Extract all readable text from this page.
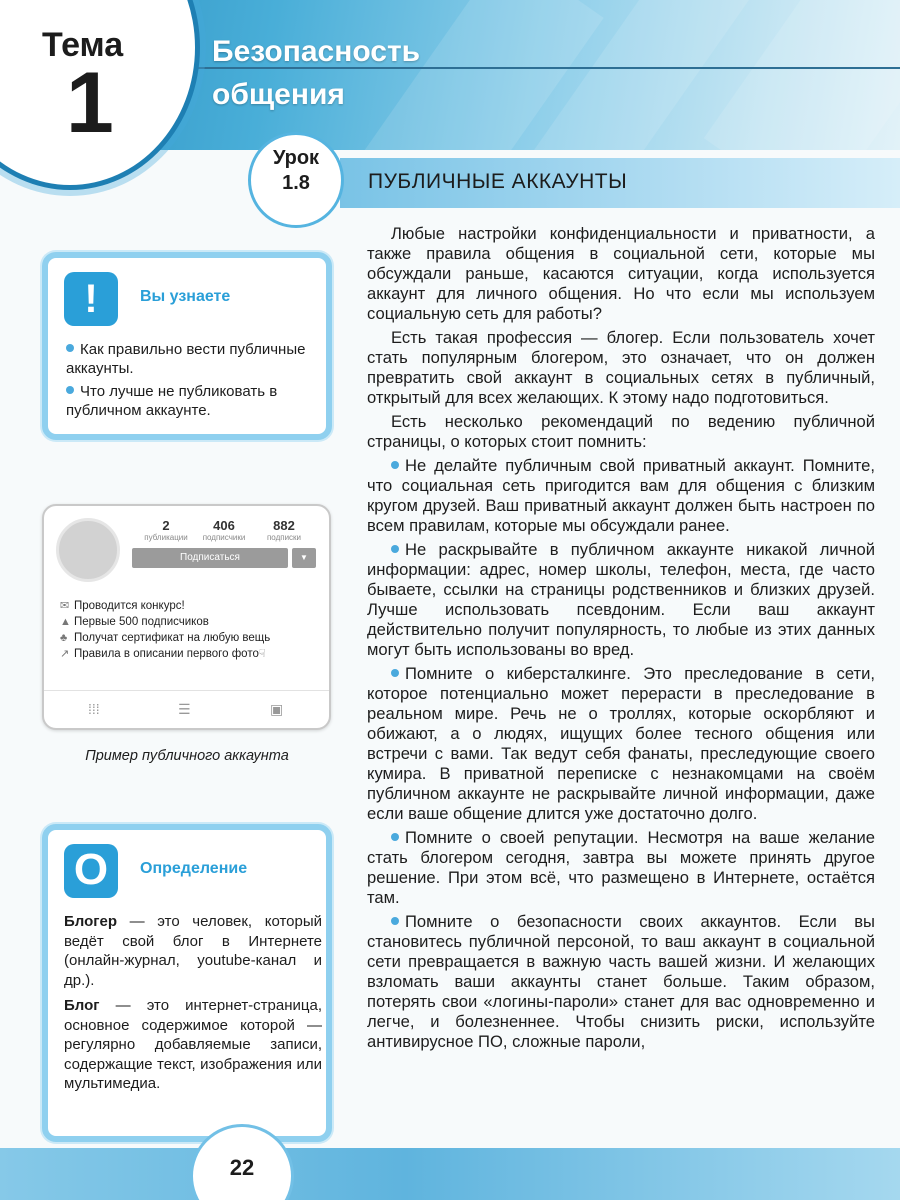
Тема
1
Безопасность
общения
ПУБЛИЧНЫЕ АККАУНТЫ
Урок
1.8
!	Вы узнаете
Как правильно вести публичные аккаунты.
Что лучше не публиковать в публичном аккаунте.
2
публикации
406
подписчики
882
подписки
Подписаться	▼
✉ Проводится конкурс!
▲ Первые 500 подписчиков
♣ Получат сертификат на любую вещь
↗ Правила в описании первого фото☟
⁞⁞⁞	☰	▣
Пример публичного аккаунта
O	Определение

Блогер — это человек, который ведёт свой блог в Интернете (онлайн-журнал, youtube-канал и др.).

Блог — это интернет-страница, основное содержимое которой — регулярно добавляемые записи, содержащие текст, изображения или мультимедиа.

Любые настройки конфиденциальности и приватности, а также правила общения в социальной сети, которые мы обсуждали раньше, касаются ситуации, когда используется аккаунт для личного общения. Но что если мы используем социальную сеть для работы?

Есть такая профессия — блогер. Если пользователь хочет стать популярным блогером, это означает, что он должен превратить свой аккаунт в социальных сетях в публичный, открытый для всех желающих. К этому надо подготовиться.

Есть несколько рекомендаций по ведению публичной страницы, о которых стоит помнить:

Не делайте публичным свой приватный аккаунт. Помните, что социальная сеть пригодится вам для общения с близким кругом друзей. Ваш приватный аккаунт должен быть настроен по всем правилам, которые мы обсуждали ранее.

Не раскрывайте в публичном аккаунте никакой личной информации: адрес, номер школы, телефон, места, где часто бываете, ссылки на страницы родственников и близких друзей. Лучше использовать псевдоним. Если ваш аккаунт действительно получит популярность, то любые из этих данных могут быть использованы во вред.

Помните о киберсталкинге. Это преследование в сети, которое потенциально может перерасти в преследование в реальном мире. Речь не о троллях, которые оскорбляют и обижают, а о людях, ищущих более тесного общения или встречи с вами. Так ведут себя фанаты, преследующие своего кумира. В приватной переписке с незнакомцами на своём публичном аккаунте не раскрывайте личной информации, даже если ваше общение длится уже достаточно долго.

Помните о своей репутации. Несмотря на ваше желание стать блогером сегодня, завтра вы можете принять другое решение. При этом всё, что размещено в Интернете, остаётся там.

Помните о безопасности своих аккаунтов. Если вы становитесь публичной персоной, то ваш аккаунт в социальной сети превращается в важную часть вашей жизни. И желающих взломать ваши аккаунты станет больше. Таким образом, потерять свои «логины-пароли» станет для вас одновременно и легче, и болезненнее. Чтобы снизить риски, используйте антивирусное ПО, сложные пароли,

22
